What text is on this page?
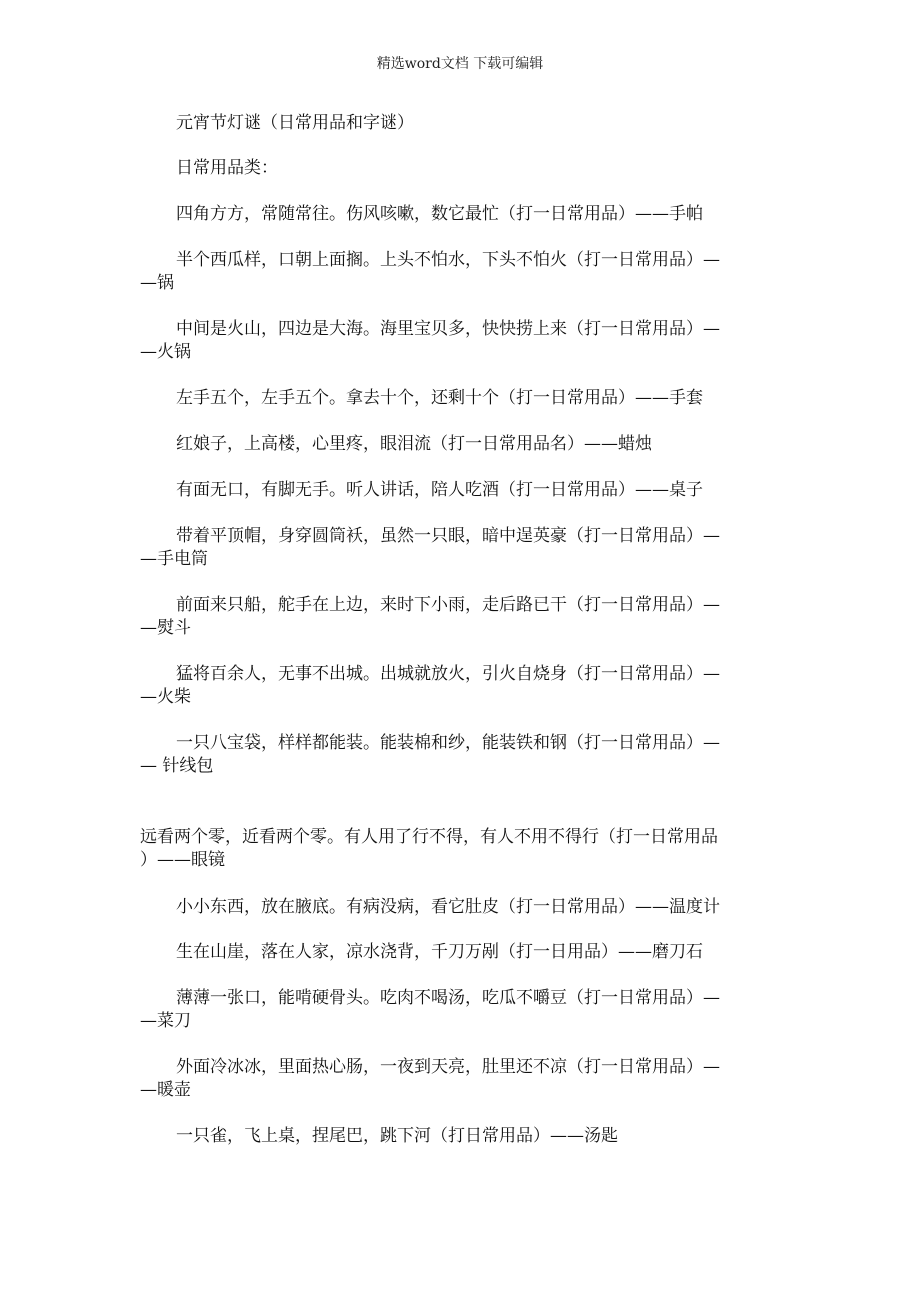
精选word文档 下载可编辑

元宵节灯谜（日常用品和字谜）

日常用品类：

四角方方，常随常往。伤风咳嗽，数它最忙（打一日常用品）——手帕

半个西瓜样，口朝上面搁。上头不怕水，下头不怕火（打一日常用品）—
—锅

中间是火山，四边是大海。海里宝贝多，快快捞上来（打一日常用品）—
—火锅

左手五个，左手五个。拿去十个，还剩十个（打一日常用品）——手套

红娘子，上高楼，心里疼，眼泪流（打一日常用品名）——蜡烛

有面无口，有脚无手。听人讲话，陪人吃酒（打一日常用品）——桌子

带着平顶帽，身穿圆筒袄，虽然一只眼，暗中逞英豪（打一日常用品）—
—手电筒

前面来只船，舵手在上边，来时下小雨，走后路已干（打一日常用品）—
—熨斗

猛将百余人，无事不出城。出城就放火，引火自烧身（打一日常用品）—
—火柴

一只八宝袋，样样都能装。能装棉和纱，能装铁和钢（打一日常用品）—
— 针线包

远看两个零，近看两个零。有人用了行不得，有人不用不得行（打一日常用品
）——眼镜

小小东西，放在腋底。有病没病，看它肚皮（打一日常用品）——温度计

生在山崖，落在人家，凉水浇背，千刀万剐（打一日用品）——磨刀石

薄薄一张口，能啃硬骨头。吃肉不喝汤，吃瓜不嚼豆（打一日常用品）—
—菜刀

外面冷冰冰，里面热心肠，一夜到天亮，肚里还不凉（打一日常用品）—
—暖壶

一只雀，飞上桌，捏尾巴，跳下河（打日常用品）——汤匙
